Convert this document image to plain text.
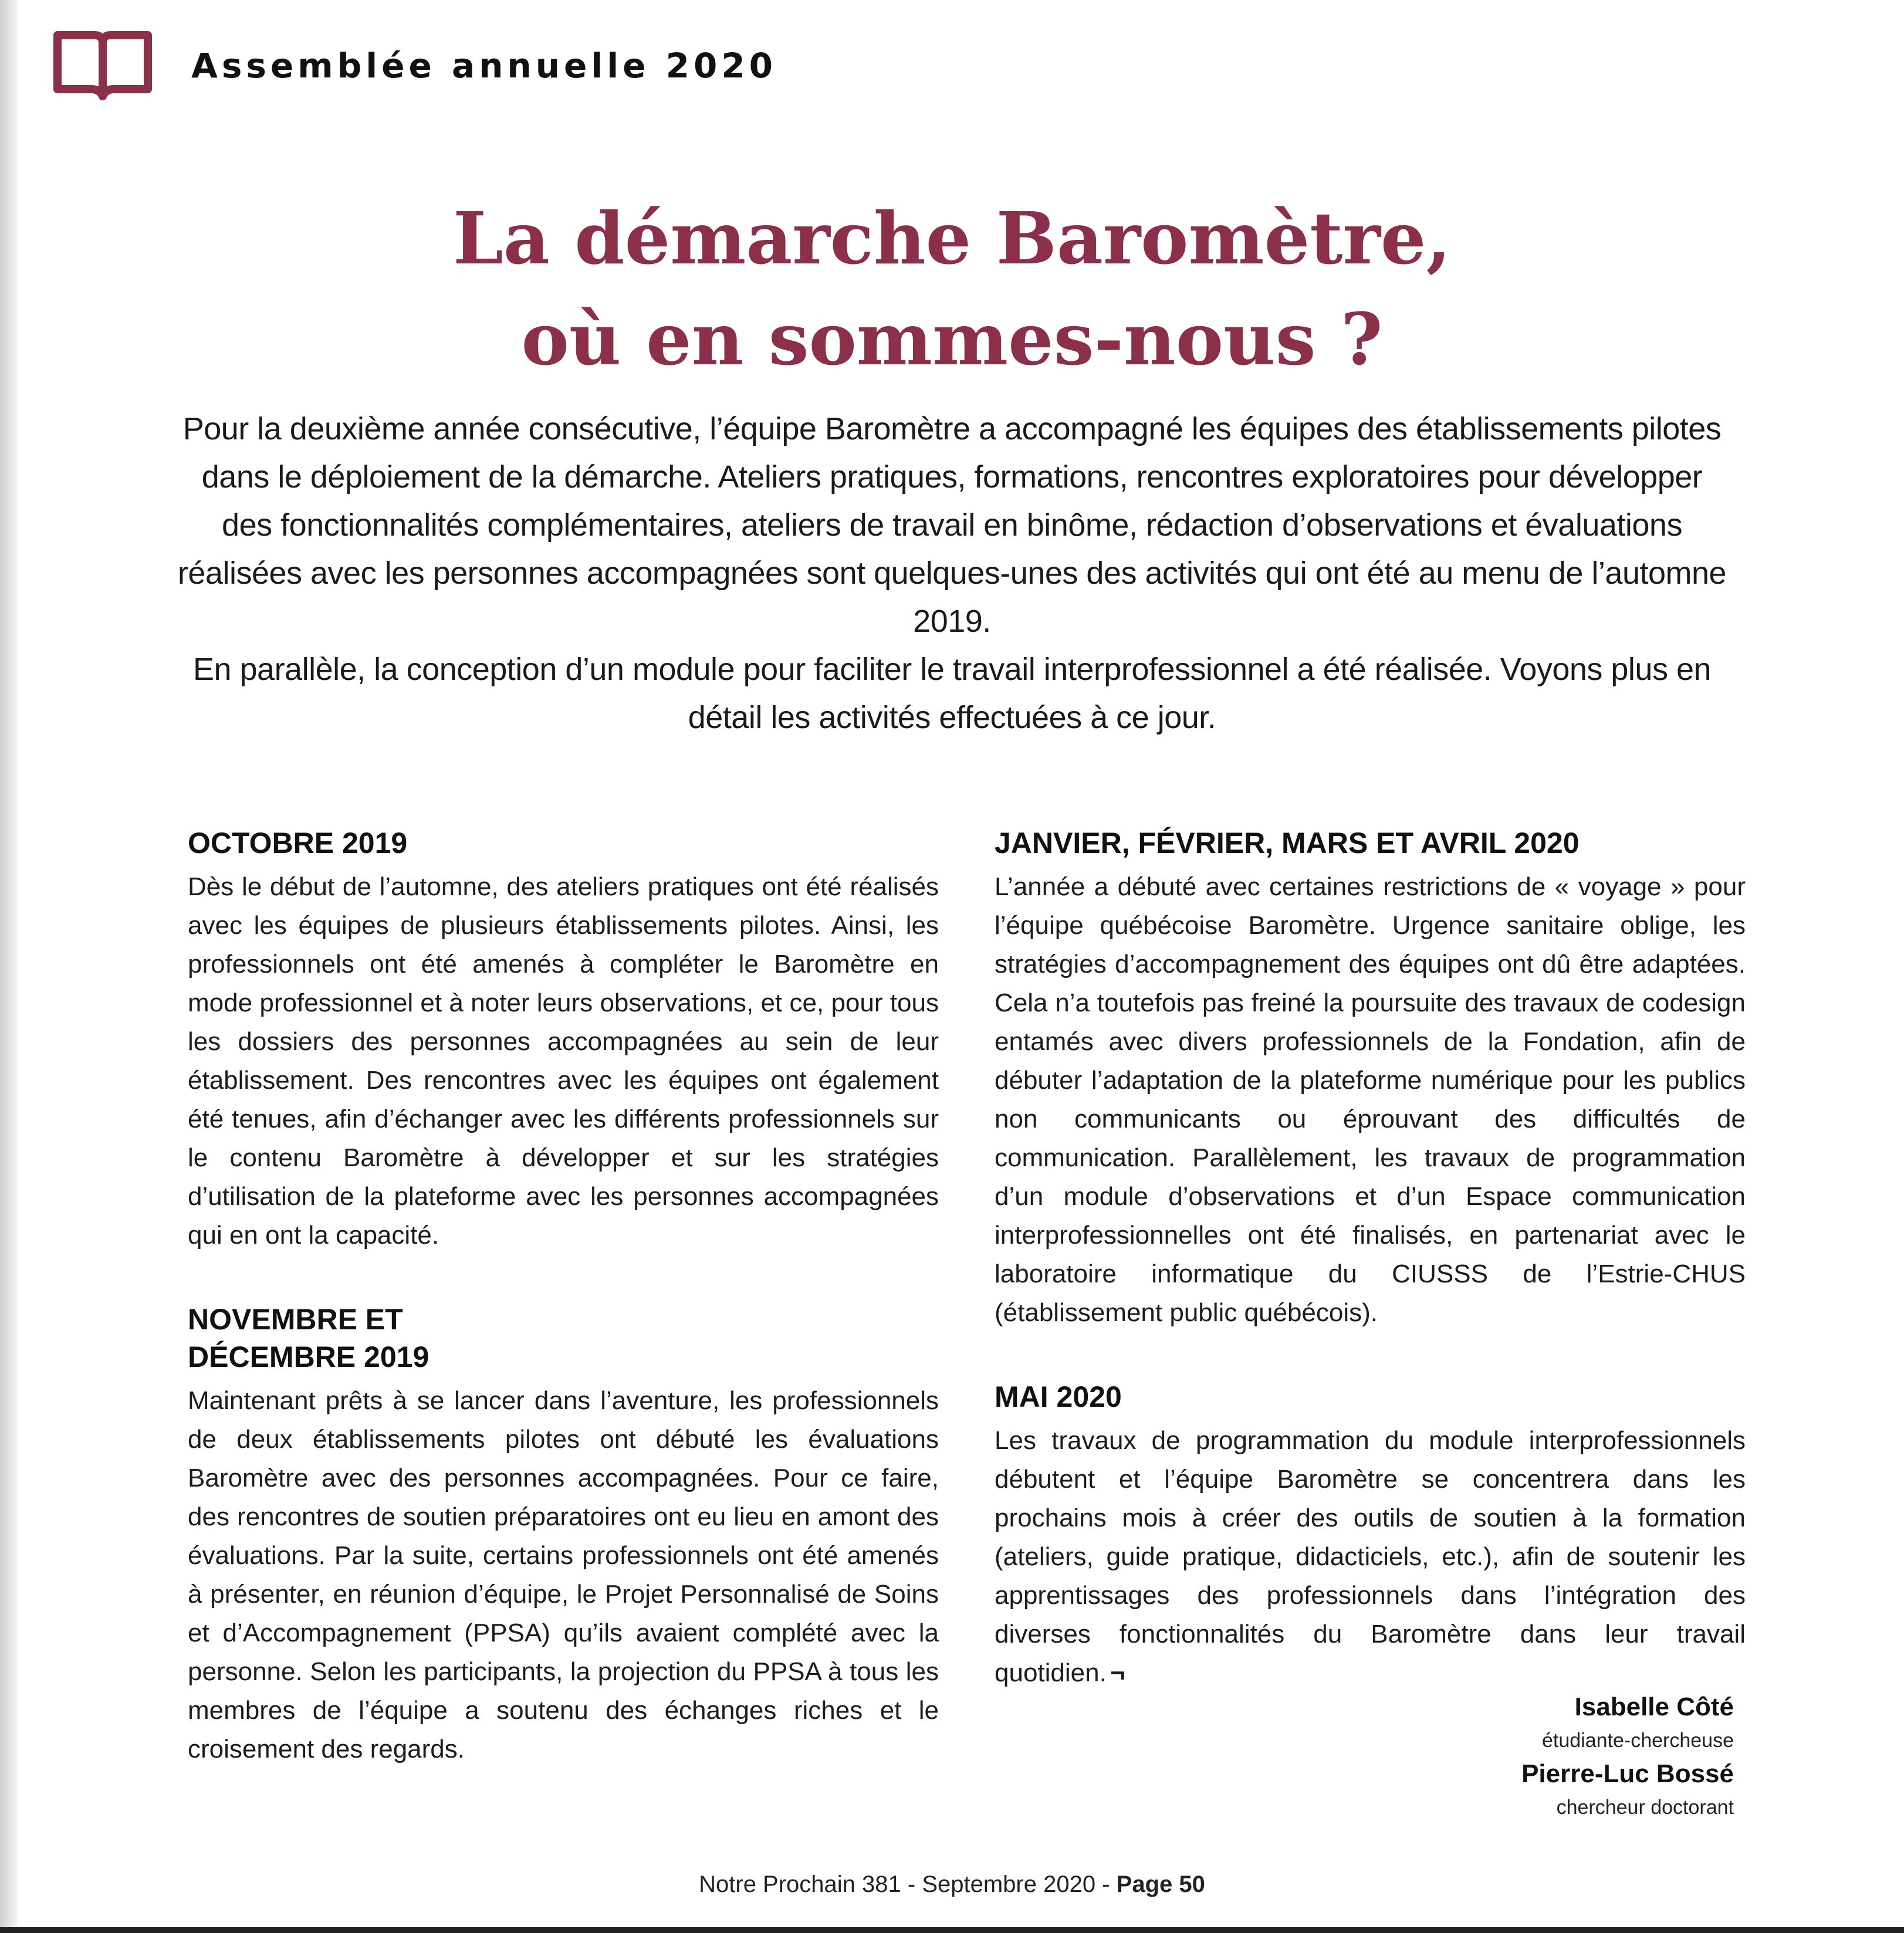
Assemblée annuelle 2020
La démarche Baromètre,
où en sommes-nous ?

Pour la deuxième année consécutive, l’équipe Baromètre a accompagné les équipes des établissements pilotes dans le déploiement de la démarche. Ateliers pratiques, formations, rencontres exploratoires pour développer des fonctionnalités complémentaires, ateliers de travail en binôme, rédaction d’observations et évaluations réalisées avec les personnes accompagnées sont quelques-unes des activités qui ont été au menu de l’automne 2019.

En parallèle, la conception d’un module pour faciliter le travail interprofessionnel a été réalisée. Voyons plus en détail les activités effectuées à ce jour.

OCTOBRE 2019

Dès le début de l’automne, des ateliers pratiques ont été réalisés avec les équipes de plusieurs établissements pilotes. Ainsi, les professionnels ont été amenés à compléter le Baromètre en mode professionnel et à noter leurs observations, et ce, pour tous les dossiers des personnes accompagnées au sein de leur établissement. Des rencontres avec les équipes ont également été tenues, afin d’échanger avec les différents professionnels sur le contenu Baromètre à développer et sur les stratégies d’utilisation de la plateforme avec les personnes accompagnées qui en ont la capacité.

NOVEMBRE ET DÉCEMBRE 2019

Maintenant prêts à se lancer dans l’aventure, les professionnels de deux établissements pilotes ont débuté les évaluations Baromètre avec des personnes accompagnées. Pour ce faire, des rencontres de soutien préparatoires ont eu lieu en amont des évaluations. Par la suite, certains professionnels ont été amenés à présenter, en réunion d’équipe, le Projet Personnalisé de Soins et d’Accompagnement (PPSA) qu’ils avaient complété avec la personne. Selon les participants, la projection du PPSA à tous les membres de l’équipe a soutenu des échanges riches et le croisement des regards.

JANVIER, FÉVRIER, MARS ET AVRIL 2020

L’année a débuté avec certaines restrictions de « voyage » pour l’équipe québécoise Baromètre. Urgence sanitaire oblige, les stratégies d’accompagnement des équipes ont dû être adaptées. Cela n’a toutefois pas freiné la poursuite des travaux de codesign entamés avec divers professionnels de la Fondation, afin de débuter l’adaptation de la plateforme numérique pour les publics non communicants ou éprouvant des difficultés de communication. Parallèlement, les travaux de programmation d’un module d’observations et d’un Espace communication interprofessionnelles ont été finalisés, en partenariat avec le laboratoire informatique du CIUSSS de l’Estrie-CHUS (établissement public québécois).

MAI 2020

Les travaux de programmation du module interprofessionnels débutent et l’équipe Baromètre se concentrera dans les prochains mois à créer des outils de soutien à la formation (ateliers, guide pratique, didacticiels, etc.), afin de soutenir les apprentissages des professionnels dans l’intégration des diverses fonctionnalités du Baromètre dans leur travail quotidien. ¬

Isabelle Côté
étudiante-chercheuse
Pierre-Luc Bossé
chercheur doctorant
Notre Prochain 381 - Septembre 2020 - Page 50
